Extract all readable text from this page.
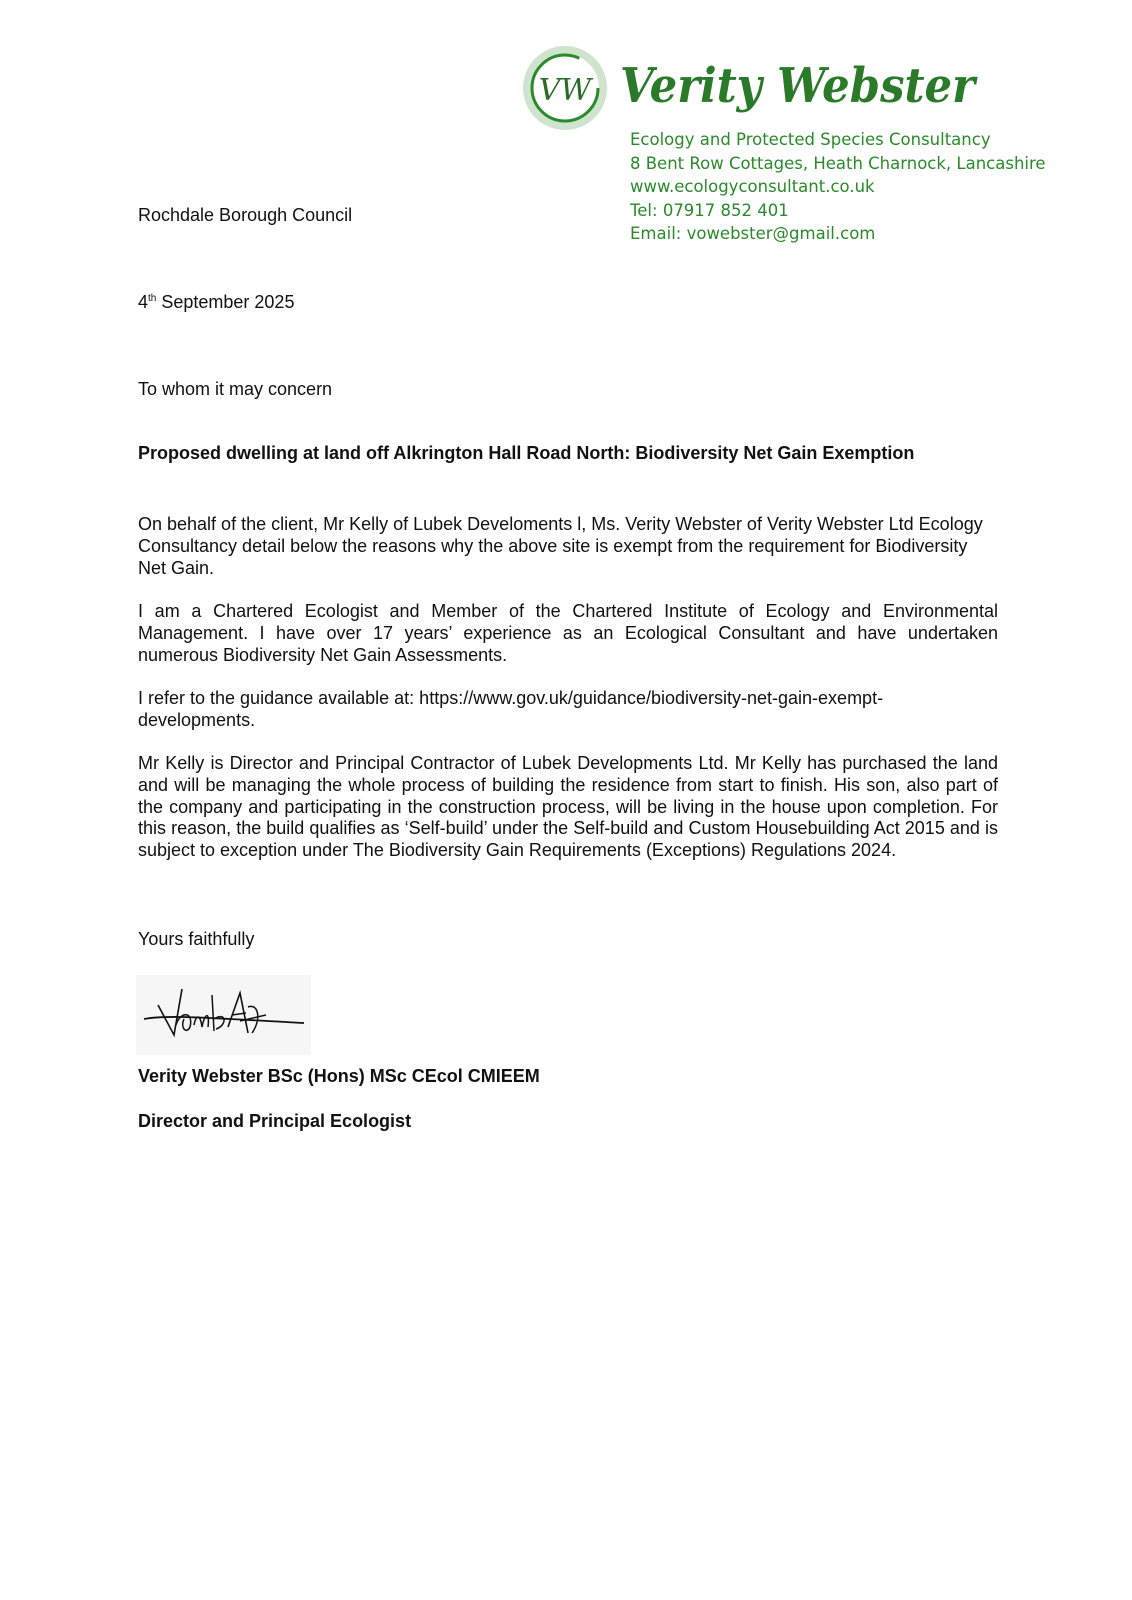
VW Verity Webster
Ecology and Protected Species Consultancy
8 Bent Row Cottages, Heath Charnock, Lancashire
www.ecologyconsultant.co.uk
Tel: 07917 852 401
Email: vowebster@gmail.com
Rochdale Borough Council
4th September 2025
To whom it may concern
Proposed dwelling at land off Alkrington Hall Road North: Biodiversity Net Gain Exemption
On behalf of the client, Mr Kelly of Lubek Develoments l, Ms. Verity Webster of Verity Webster Ltd Ecology Consultancy detail below the reasons why the above site is exempt from the requirement for Biodiversity Net Gain.
I am a Chartered Ecologist and Member of the Chartered Institute of Ecology and Environmental Management. I have over 17 years’ experience as an Ecological Consultant and have undertaken numerous Biodiversity Net Gain Assessments.
I refer to the guidance available at: https://www.gov.uk/guidance/biodiversity-net-gain-exempt-developments.
Mr Kelly is Director and Principal Contractor of Lubek Developments Ltd. Mr Kelly has purchased the land and will be managing the whole process of building the residence from start to finish. His son, also part of the company and participating in the construction process, will be living in the house upon completion. For this reason, the build qualifies as ‘Self-build’ under the Self-build and Custom Housebuilding Act 2015 and is subject to exception under The Biodiversity Gain Requirements (Exceptions) Regulations 2024.
Yours faithfully
Verity Webster BSc (Hons) MSc CEcol CMIEEM
Director and Principal Ecologist
